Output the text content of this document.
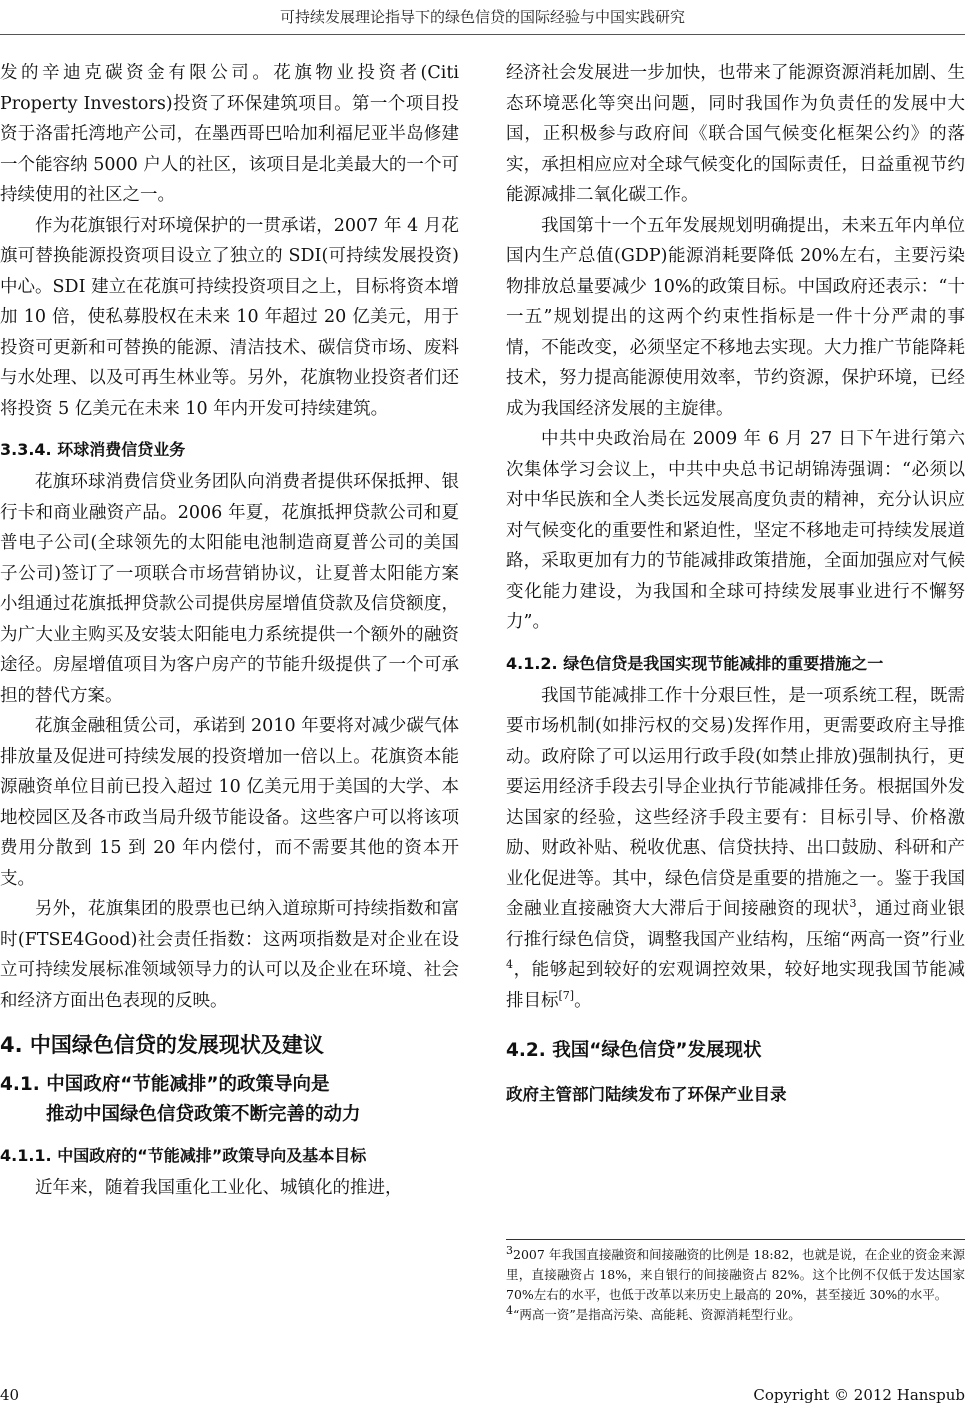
可持续发展理论指导下的绿色信贷的国际经验与中国实践研究

发的辛迪克碳资金有限公司。花旗物业投资者(Citi Property Investors)投资了环保建筑项目。第一个项目投资于洛雷托湾地产公司，在墨西哥巴哈加利福尼亚半岛修建一个能容纳 5000 户人的社区，该项目是北美最大的一个可持续使用的社区之一。

作为花旗银行对环境保护的一贯承诺，2007 年 4 月花旗可替换能源投资项目设立了独立的 SDI(可持续发展投资)中心。SDI 建立在花旗可持续投资项目之上，目标将资本增加 10 倍，使私募股权在未来 10 年超过 20 亿美元，用于投资可更新和可替换的能源、清洁技术、碳信贷市场、废料与水处理、以及可再生林业等。另外，花旗物业投资者们还将投资 5 亿美元在未来 10 年内开发可持续建筑。

3.3.4. 环球消费信贷业务

花旗环球消费信贷业务团队向消费者提供环保抵押、银行卡和商业融资产品。2006 年夏，花旗抵押贷款公司和夏普电子公司(全球领先的太阳能电池制造商夏普公司的美国子公司)签订了一项联合市场营销协议，让夏普太阳能方案小组通过花旗抵押贷款公司提供房屋增值贷款及信贷额度，为广大业主购买及安装太阳能电力系统提供一个额外的融资途径。房屋增值项目为客户房产的节能升级提供了一个可承担的替代方案。

花旗金融租赁公司，承诺到 2010 年要将对减少碳气体排放量及促进可持续发展的投资增加一倍以上。花旗资本能源融资单位目前已投入超过 10 亿美元用于美国的大学、本地校园区及各市政当局升级节能设备。这些客户可以将该项费用分散到 15 到 20 年内偿付，而不需要其他的资本开支。

另外，花旗集团的股票也已纳入道琼斯可持续指数和富时(FTSE4Good)社会责任指数：这两项指数是对企业在设立可持续发展标准领域领导力的认可以及企业在环境、社会和经济方面出色表现的反映。

4. 中国绿色信贷的发展现状及建议
4.1. 中国政府“节能减排”的政策导向是
推动中国绿色信贷政策不断完善的动力
4.1.1. 中国政府的“节能减排”政策导向及基本目标

近年来，随着我国重化工业化、城镇化的推进，

经济社会发展进一步加快，也带来了能源资源消耗加剧、生态环境恶化等突出问题，同时我国作为负责任的发展中大国，正积极参与政府间《联合国气候变化框架公约》的落实，承担相应应对全球气候变化的国际责任，日益重视节约能源减排二氧化碳工作。

我国第十一个五年发展规划明确提出，未来五年内单位国内生产总值(GDP)能源消耗要降低 20%左右，主要污染物排放总量要减少 10%的政策目标。中国政府还表示：“十一五”规划提出的这两个约束性指标是一件十分严肃的事情，不能改变，必须坚定不移地去实现。大力推广节能降耗技术，努力提高能源使用效率，节约资源，保护环境，已经成为我国经济发展的主旋律。

中共中央政治局在 2009 年 6 月 27 日下午进行第六次集体学习会议上，中共中央总书记胡锦涛强调：“必须以对中华民族和全人类长远发展高度负责的精神，充分认识应对气候变化的重要性和紧迫性，坚定不移地走可持续发展道路，采取更加有力的节能减排政策措施，全面加强应对气候变化能力建设，为我国和全球可持续发展事业进行不懈努力”。

4.1.2. 绿色信贷是我国实现节能减排的重要措施之一

我国节能减排工作十分艰巨性，是一项系统工程，既需要市场机制(如排污权的交易)发挥作用，更需要政府主导推动。政府除了可以运用行政手段(如禁止排放)强制执行，更要运用经济手段去引导企业执行节能减排任务。根据国外发达国家的经验，这些经济手段主要有：目标引导、价格激励、财政补贴、税收优惠、信贷扶持、出口鼓励、科研和产业化促进等。其中，绿色信贷是重要的措施之一。鉴于我国金融业直接融资大大滞后于间接融资的现状$^3$，通过商业银行推行绿色信贷，调整我国产业结构，压缩“两高一资”行业$^4$，能够起到较好的宏观调控效果，较好地实现我国节能减排目标[7]。

4.2. 我国“绿色信贷”发展现状
政府主管部门陆续发布了环保产业目录

$^3$2007 年我国直接融资和间接融资的比例是 18:82，也就是说，在企业的资金来源里，直接融资占 18%，来自银行的间接融资占 82%。这个比例不仅低于发达国家 70%左右的水平，也低于改革以来历史上最高的 20%，甚至接近 30%的水平。

$^4$“两高一资”是指高污染、高能耗、资源消耗型行业。

40	Copyright © 2012 Hanspub
